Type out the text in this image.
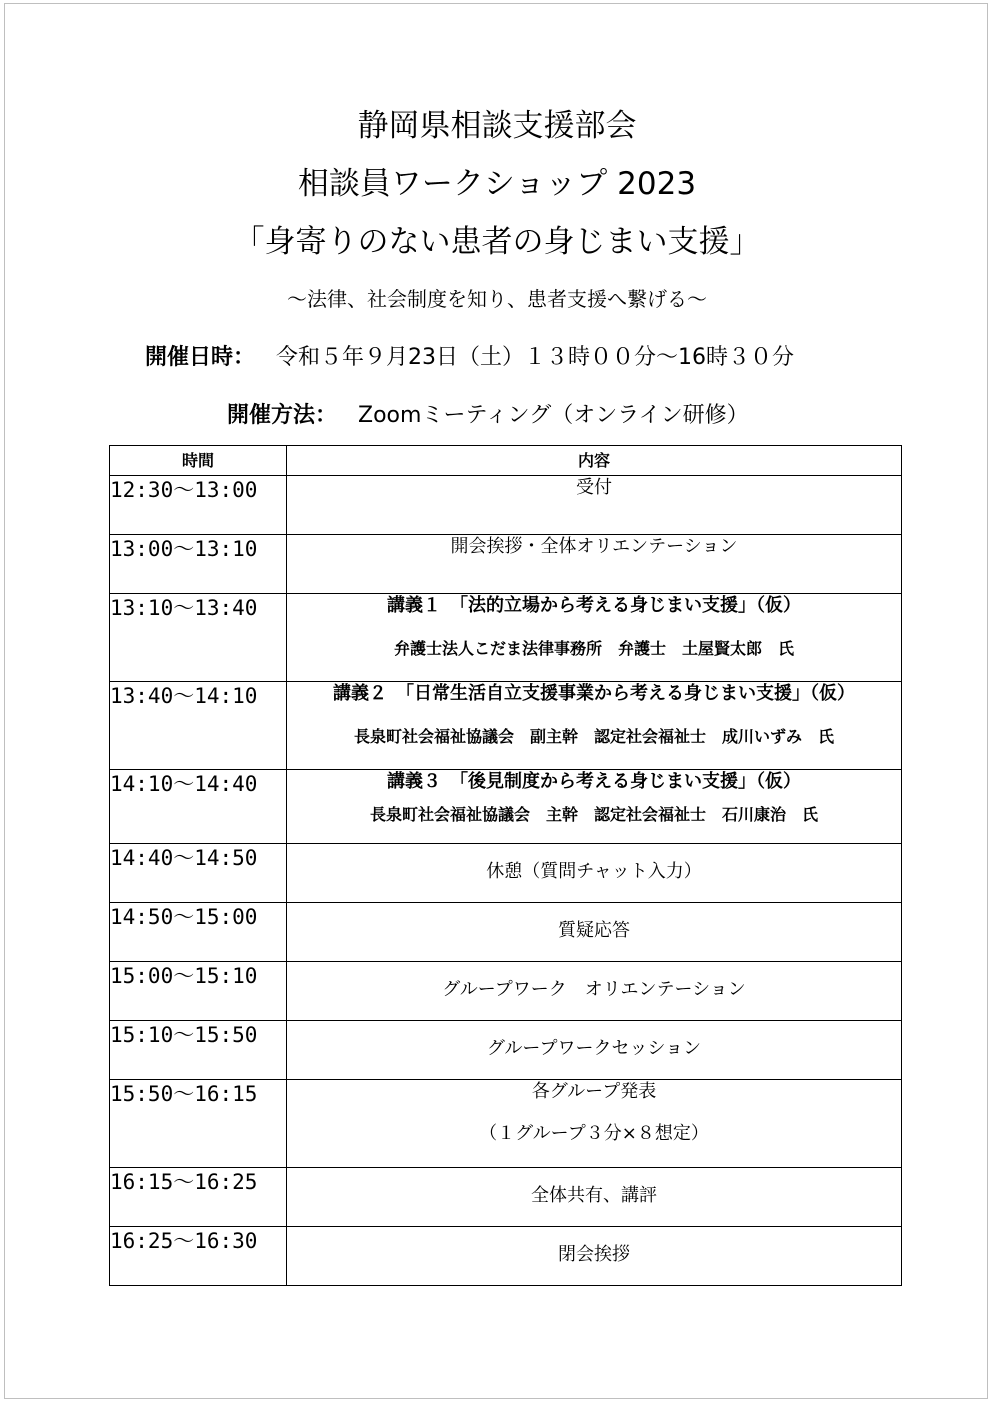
静岡県相談支援部会
相談員ワークショップ 2023
「身寄りのない患者の身じまい支援」
～法律、社会制度を知り、患者支援へ繋げる～
開催日時： 令和５年９月23日（土）１３時００分～16時３０分
開催方法： Zoomミーティング（オンライン研修）
時間	内容
12:30～13:00	受付

13:00～13:10	開会挨拶・全体オリエンテーション

13:10～13:40	講義１　「法的立場から考える身じまい支援」（仮）
弁護士法人こだま法律事務所　弁護士　土屋賢太郎　氏

13:40～14:10	講義２　「日常生活自立支援事業から考える身じまい支援」（仮）
長泉町社会福祉協議会　副主幹　認定社会福祉士　成川いずみ　氏

14:10～14:40	講義３　「後見制度から考える身じまい支援」（仮）
長泉町社会福祉協議会　主幹　認定社会福祉士　石川康治　氏

14:40～14:50	休憩（質問チャット入力）

14:50～15:00	質疑応答

15:00～15:10	グループワーク　オリエンテーション

15:10～15:50	グループワークセッション

15:50～16:15	各グループ発表
（１グループ３分×８想定）

16:15～16:25	全体共有、講評

16:25～16:30	閉会挨拶
